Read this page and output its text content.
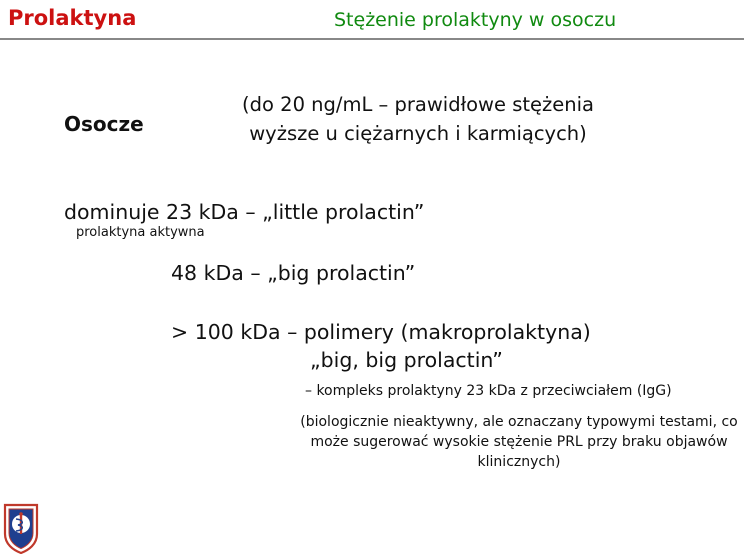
Prolaktyna	Stężenie prolaktyny w osoczu
Osocze
(do 20 ng/mL – prawidłowe stężenia wyższe u ciężarnych i karmiących)
dominuje 23 kDa – „little prolactin”
prolaktyna aktywna
48 kDa – „big prolactin”
> 100 kDa – polimery (makroprolaktyna)
„big, big prolactin”
– kompleks prolaktyny 23 kDa z przeciwciałem (IgG)
(biologicznie nieaktywny, ale oznaczany typowymi testami, co może sugerować wysokie stężenie PRL przy braku objawów klinicznych)
